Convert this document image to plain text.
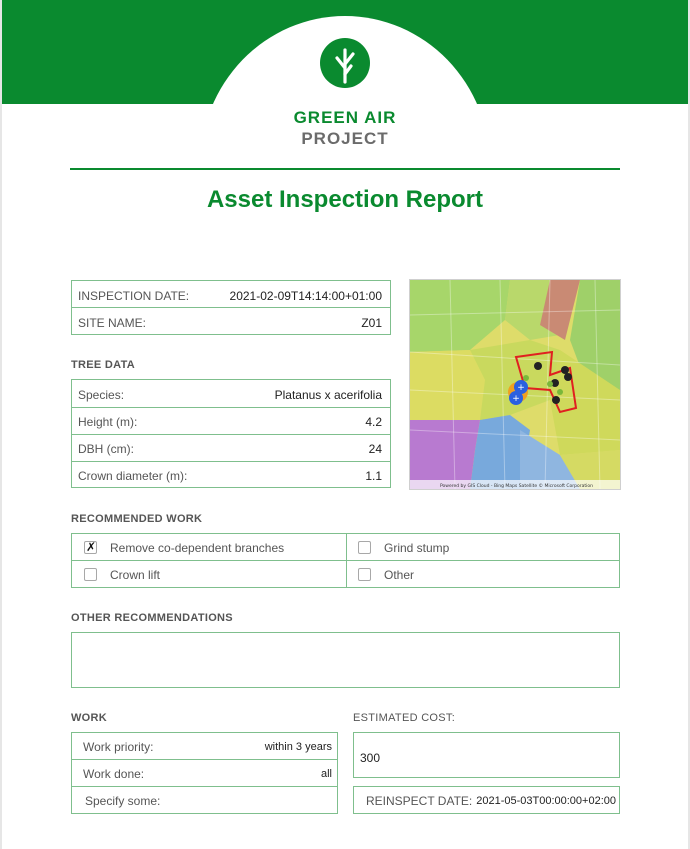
GREEN AIR
PROJECT
Asset Inspection Report
INSPECTION DATE:	2021-02-09T14:14:00+01:00
SITE NAME:	Z01
TREE DATA
Species:	Platanus x acerifolia
Height (m):	4.2
DBH (cm):	24
Crown diameter (m):	1.1
+
+
Powered by GIS Cloud - Bing Maps Satellite © Microsoft Corporation
RECOMMENDED WORK
✗ Remove co-dependent branches	Grind stump
Crown lift	Other
OTHER RECOMMENDATIONS
WORK
Work priority:	within 3 years
Work done:	all
Specify some:
ESTIMATED COST:
300
REINSPECT DATE: 2021-05-03T00:00:00+02:00
